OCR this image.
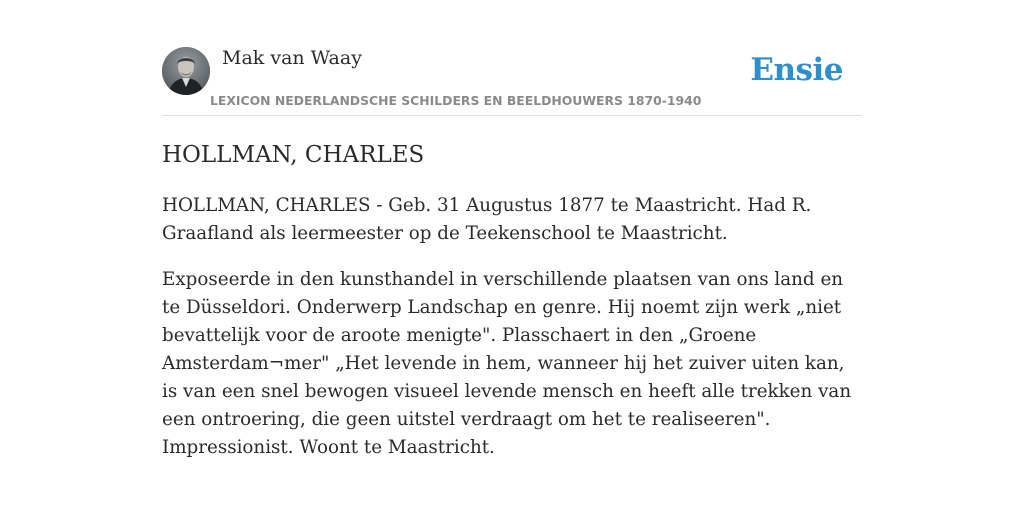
Mak van Waay	Ensie
LEXICON NEDERLANDSCHE SCHILDERS EN BEELDHOUWERS 1870-1940
HOLLMAN, CHARLES

HOLLMAN, CHARLES - Geb. 31 Augustus 1877 te Maastricht. Had R. Graafland als leermeester op de Teekenschool te Maastricht.

Exposeerde in den kunsthandel in verschillende plaatsen van ons land en te Düsseldori. Onderwerp Landschap en genre. Hij noemt zijn werk „niet bevattelijk voor de aroote menigte". Plasschaert in den „Groene Amsterdam¬mer" „Het levende in hem, wanneer hij het zuiver uiten kan, is van een snel bewogen visueel levende mensch en heeft alle trekken van een ontroering, die geen uitstel verdraagt om het te realiseeren". Impressionist. Woont te Maastricht.
